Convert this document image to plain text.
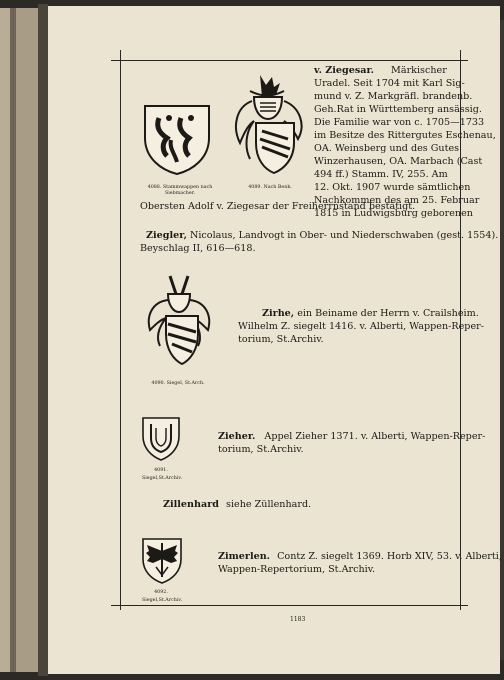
4088. Stammwappen nach Siebmacher.
4089. Nach Benk.
v. Ziegesar. Märkischer
Uradel. Seit 1704 mit Karl Sig-
mund v. Z. Markgräfl. brandenb.
Geh.Rat in Württemberg ansässig.
Die Familie war von c. 1705—1733
im Besitze des Rittergutes Eschenau,
OA. Weinsberg und des Gutes
Winzerhausen, OA. Marbach (Cast
494 ff.) Stamm. IV, 255. Am
12. Okt. 1907 wurde sämtlichen
Nachkommen des am 25. Februar
1815 in Ludwigsburg geborenen
Obersten Adolf v. Ziegesar der Freiherrnstand bestätigt.
Ziegler, Nicolaus, Landvogt in Ober- und Niederschwaben (gest. 1554).
Beyschlag II, 616—618.
4090. Siegel, St.Arch.
Zirhe, ein Beiname der Herrn v. Crailsheim.
Wilhelm Z. siegelt 1416. v. Alberti, Wappen-Reper-
torium, St.Archiv.
4091.
Siegel,St.Archiv.
Zieher. Appel Zieher 1371. v. Alberti, Wappen-Reper-
torium, St.Archiv.
Zillenhard siehe Züllenhard.
4092.
Siegel,St.Archiv.
Zimerlen. Contz Z. siegelt 1369. Horb XIV, 53. v. Alberti,
Wappen-Repertorium, St.Archiv.
1183
